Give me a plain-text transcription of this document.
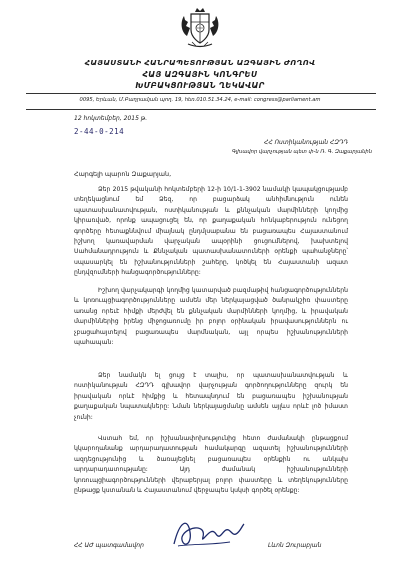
ՀԱՅԱՍՏԱՆԻ ՀԱՆՐԱՊԵՏՈՒԹՅԱՆ ԱԶԳԱՅԻՆ ԺՈՂՈՎ
ՀԱՅ ԱԶԳԱՅԻՆ ԿՈՆԳՐԵՍ
ԽՄԲԱԿՑՈՒԹՅԱՆ ՂԵԿԱՎԱՐ
0095, Երևան, Մ.Բաղրամյան պող. 19, հեռ.010.51.34.24, e-mail: congress@parliament.am
12 հոկտեմբեր, 2015 թ.
2-44-0-214
ՀՀ Ոստիկանության ՀԶԴԴ
Գլխավոր վարչության պետ փ-ն Ռ. Գ. Զաքարյանին
Հարգելի պարոն Զաքարյան,

Ձեր 2015 թվականի հոկտեմբերի 12-ի 10/1-1-3902 նամակի կապակցությամբ տեղեկացնում եմ Ձեզ, որ բացարձակ անհիմնություն ունեն պատասխանատվության, ոստիկանության և քննչական մարմինների կողմից կիրառված, որոնք ապացուցել են, որ քաղաքական հոնկաբերություն ունեցող գործերը հետաքննվում միայնակ ընդմլսաբանա են բացառապես Հայաստանում իշխող կառավարման վարչական ապօրինի ցուցումներով, խախտելով Սահմանադրություն և Քննչական պատասխանատուների օրենքի պահանջները՝ սպասարկել են իշխանությունների շահերը, կոծկել են Հայաստանի ազատ ընդվզումների հանցագործությունները:

Իշխող վարչակարգի կողմից կատարված բազմաթիվ հանցագործություններն և կոռուպցիագործությունները ամսեն մեր ներկայացված ծանրակշիռ փաստերը առանց որեւէ հիմքի մերժվել են քննչական մարմինների կողմից, և իրավական մարմիններից իրենց միջոցառումը իր բոլոր օրինական իրավասություններն ու չբացահայտելով բացառապես մարմնական, այլ որպես իշխանությունների պահապան:

Ձեր նամակն ել ցույց է տալիս, որ պատասխանատվության և ոստիկանության ՀԶԴԴ գլխավոր վարչության գործողությունները զուրկ են իրավական որևէ հիմքից և հետապնդում են բացառապես իշխանության քաղաքական նպատակները: Նման ներկայացմանը ամսեն այլևս որևէ լոծ իմաստ չունի:

Վստահ եմ, որ իշխանափոխությունից հետո ժամանակի ընթացքում կկարողանանք արդարադատության համակարգը ազատել իշխանությունների ազդեցությունից և ծառայեցնել բացառապես օրենքին ու անկախ արդարադատությանը: Այդ ժամանակ իշխանությունների կոռուպցիագործությունների վերաբերյալ բոլոր փաստերը և տեղեկությունները ընթացք կստանան և Հայաստանում վերջապես կսկսի գործել օրենքը:

ՀՀ ԱԺ պատգամավոր	Լևոն Զուրաբյան
